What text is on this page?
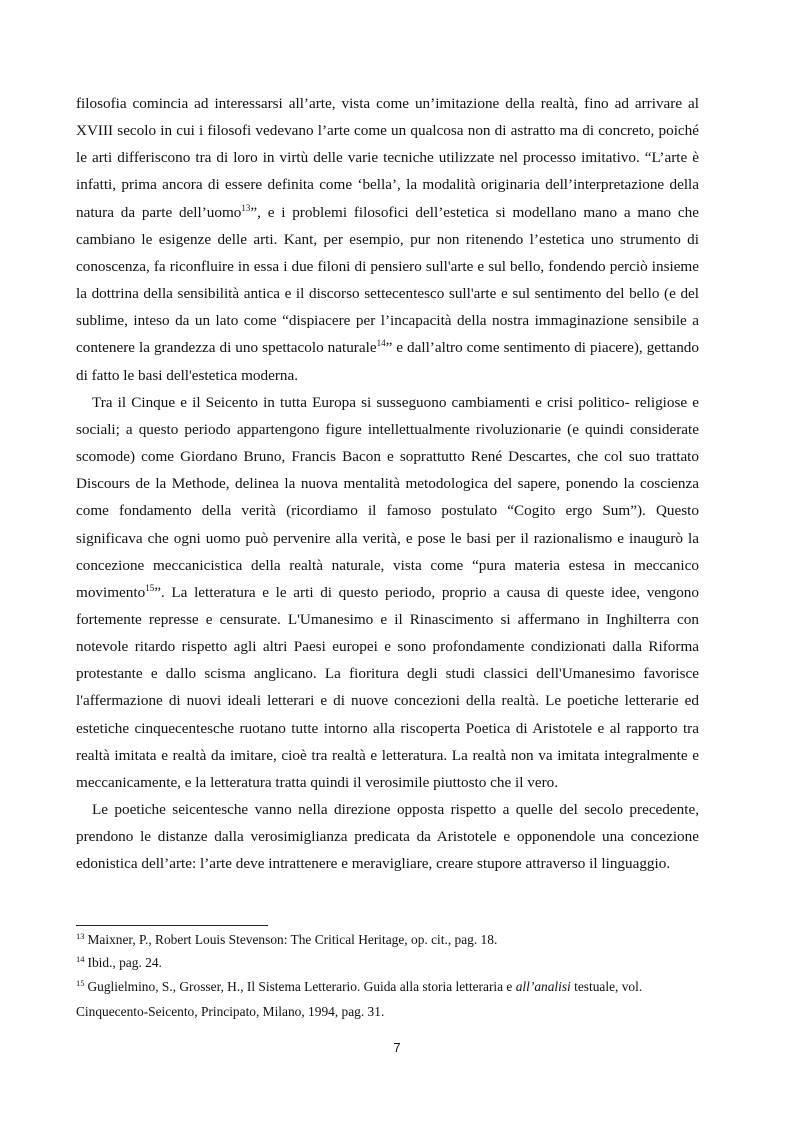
filosofia comincia ad interessarsi all’arte, vista come un’imitazione della realtà, fino ad arrivare al XVIII secolo in cui i filosofi vedevano l’arte come un qualcosa non di astratto ma di concreto, poiché le arti differiscono tra di loro in virtù delle varie tecniche utilizzate nel processo imitativo. “L’arte è infatti, prima ancora di essere definita come ‘bella’, la modalità originaria dell’interpretazione della natura da parte dell’uomo$^{13}$”, e i problemi filosofici dell’estetica si modellano mano a mano che cambiano le esigenze delle arti. Kant, per esempio, pur non ritenendo l’estetica uno strumento di conoscenza, fa riconfluire in essa i due filoni di pensiero sull'arte e sul bello, fondendo perciò insieme la dottrina della sensibilità antica e il discorso settecentesco sull'arte e sul sentimento del bello (e del sublime, inteso da un lato come “dispiacere per l’incapacità della nostra immaginazione sensibile a contenere la grandezza di uno spettacolo naturale$^{14}$” e dall’altro come sentimento di piacere), gettando di fatto le basi dell'estetica moderna.

Tra il Cinque e il Seicento in tutta Europa si susseguono cambiamenti e crisi politico- religiose e sociali; a questo periodo appartengono figure intellettualmente rivoluzionarie (e quindi considerate scomode) come Giordano Bruno, Francis Bacon e soprattutto René Descartes, che col suo trattato Discours de la Methode, delinea la nuova mentalità metodologica del sapere, ponendo la coscienza come fondamento della verità (ricordiamo il famoso postulato “Cogito ergo Sum”). Questo significava che ogni uomo può pervenire alla verità, e pose le basi per il razionalismo e inaugurò la concezione meccanicistica della realtà naturale, vista come “pura materia estesa in meccanico movimento$^{15}$”. La letteratura e le arti di questo periodo, proprio a causa di queste idee, vengono fortemente represse e censurate. L'Umanesimo e il Rinascimento si affermano in Inghilterra con notevole ritardo rispetto agli altri Paesi europei e sono profondamente condizionati dalla Riforma protestante e dallo scisma anglicano. La fioritura degli studi classici dell'Umanesimo favorisce l'affermazione di nuovi ideali letterari e di nuove concezioni della realtà. Le poetiche letterarie ed estetiche cinquecentesche ruotano tutte intorno alla riscoperta Poetica di Aristotele e al rapporto tra realtà imitata e realtà da imitare, cioè tra realtà e letteratura. La realtà non va imitata integralmente e meccanicamente, e la letteratura tratta quindi il verosimile piuttosto che il vero.

Le poetiche seicentesche vanno nella direzione opposta rispetto a quelle del secolo precedente, prendono le distanze dalla verosimiglianza predicata da Aristotele e opponendole una concezione edonistica dell’arte: l’arte deve intrattenere e meravigliare, creare stupore attraverso il linguaggio.

$^{13}$ Maixner, P., Robert Louis Stevenson: The Critical Heritage, op. cit., pag. 18.
$^{14}$ Ibid., pag. 24.
$^{15}$ Guglielmino, S., Grosser, H., Il Sistema Letterario. Guida alla storia letteraria e all’analisi testuale, vol. Cinquecento-Seicento, Principato, Milano, 1994, pag. 31.
7
